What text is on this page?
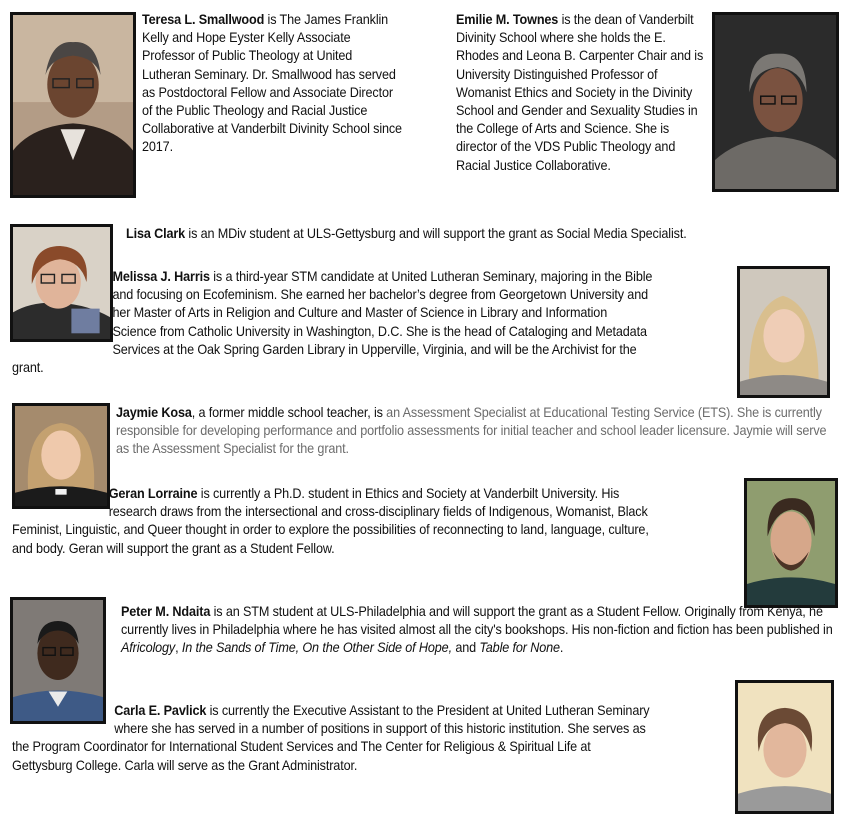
Teresa L. Smallwood is The James Franklin Kelly and Hope Eyster Kelly Associate Professor of Public Theology at United Lutheran Seminary. Dr. Smallwood has served as Postdoctoral Fellow and Associate Director of the Public Theology and Racial Justice Collaborative at Vanderbilt Divinity School since 2017.
Emilie M. Townes is the dean of Vanderbilt Divinity School where she holds the E. Rhodes and Leona B. Carpenter Chair and is University Distinguished Professor of Womanist Ethics and Society in the Divinity School and Gender and Sexuality Studies in the College of Arts and Science. She is director of the VDS Public Theology and Racial Justice Collaborative.
Lisa Clark is an MDiv student at ULS-Gettysburg and will support the grant as Social Media Specialist.
Melissa J. Harris is a third-year STM candidate at United Lutheran Seminary, majoring in the Bible and focusing on Ecofeminism. She earned her bachelor’s degree from Georgetown University and her Master of Arts in Religion and Culture and Master of Science in Library and Information Science from Catholic University in Washington, D.C. She is the head of Cataloging and Metadata Services at the Oak Spring Garden Library in Upperville, Virginia, and will be the Archivist for the grant.
Jaymie Kosa, a former middle school teacher, is an Assessment Specialist at Educational Testing Service (ETS). She is currently responsible for developing performance and portfolio assessments for initial teacher and school leader licensure. Jaymie will serve as the Assessment Specialist for the grant.
Geran Lorraine is currently a Ph.D. student in Ethics and Society at Vanderbilt University. His research draws from the intersectional and cross-disciplinary fields of Indigenous, Womanist, Black Feminist, Linguistic, and Queer thought in order to explore the possibilities of reconnecting to land, language, culture, and body. Geran will support the grant as a Student Fellow.
Peter M. Ndaita is an STM student at ULS-Philadelphia and will support the grant as a Student Fellow. Originally from Kenya, he currently lives in Philadelphia where he has visited almost all the city's bookshops. His non-fiction and fiction has been published in Africology, In the Sands of Time, On the Other Side of Hope, and Table for None.
Carla E. Pavlick is currently the Executive Assistant to the President at United Lutheran Seminary where she has served in a number of positions in support of this historic institution. She serves as the Program Coordinator for International Student Services and The Center for Religious & Spiritual Life at Gettysburg College. Carla will serve as the Grant Administrator.
